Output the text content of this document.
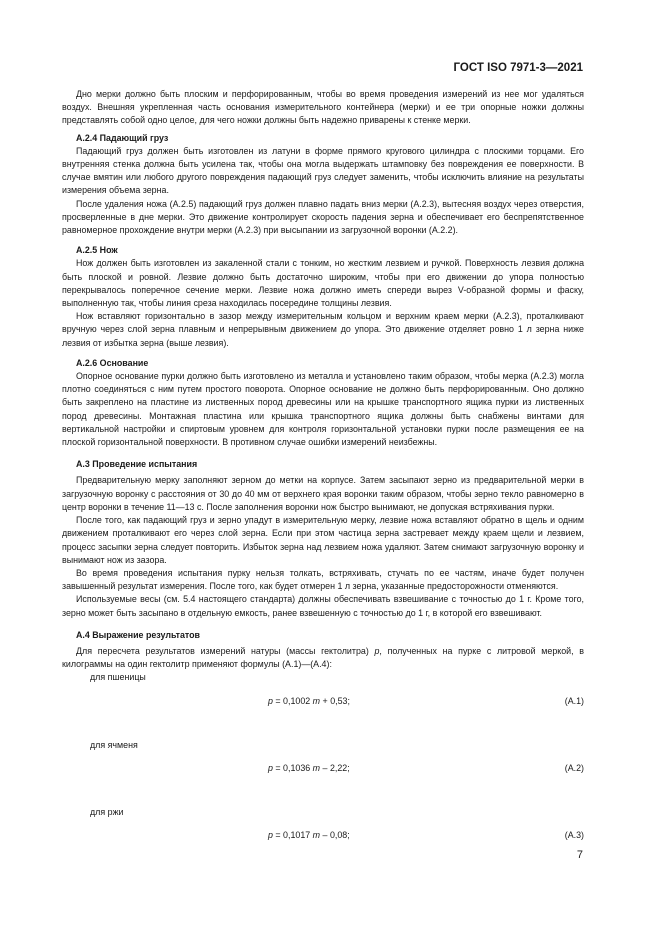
ГОСТ ISO 7971-3—2021

Дно мерки должно быть плоским и перфорированным, чтобы во время проведения измерений из нее мог удаляться воздух. Внешняя укрепленная часть основания измерительного контейнера (мерки) и ее три опорные ножки должны представлять собой одно целое, для чего ножки должны быть надежно приварены к стенке мерки.

А.2.4 Падающий груз

Падающий груз должен быть изготовлен из латуни в форме прямого кругового цилиндра с плоскими торцами. Его внутренняя стенка должна быть усилена так, чтобы она могла выдержать штамповку без повреждения ее поверхности. В случае вмятин или любого другого повреждения падающий груз следует заменить, чтобы исключить влияние на результаты измерения объема зерна.

После удаления ножа (А.2.5) падающий груз должен плавно падать вниз мерки (А.2.3), вытесняя воздух через отверстия, просверленные в дне мерки. Это движение контролирует скорость падения зерна и обеспечивает его беспрепятственное равномерное прохождение внутри мерки (А.2.3) при высыпании из загрузочной воронки (А.2.2).

А.2.5 Нож

Нож должен быть изготовлен из закаленной стали с тонким, но жестким лезвием и ручкой. Поверхность лезвия должна быть плоской и ровной. Лезвие должно быть достаточно широким, чтобы при его движении до упора полностью перекрывалось поперечное сечение мерки. Лезвие ножа должно иметь спереди вырез V-образной формы и фаску, выполненную так, чтобы линия среза находилась посередине толщины лезвия.

Нож вставляют горизонтально в зазор между измерительным кольцом и верхним краем мерки (А.2.3), проталкивают вручную через слой зерна плавным и непрерывным движением до упора. Это движение отделяет ровно 1 л зерна ниже лезвия от избытка зерна (выше лезвия).

А.2.6 Основание

Опорное основание пурки должно быть изготовлено из металла и установлено таким образом, чтобы мерка (А.2.3) могла плотно соединяться с ним путем простого поворота. Опорное основание не должно быть перфорированным. Оно должно быть закреплено на пластине из лиственных пород древесины или на крышке транспортного ящика пурки из лиственных пород древесины. Монтажная пластина или крышка транспортного ящика должны быть снабжены винтами для вертикальной настройки и спиртовым уровнем для контроля горизонтальной установки пурки после размещения ее на плоской горизонтальной поверхности. В противном случае ошибки измерений неизбежны.

А.3 Проведение испытания

Предварительную мерку заполняют зерном до метки на корпусе. Затем засыпают зерно из предварительной мерки в загрузочную воронку с расстояния от 30 до 40 мм от верхнего края воронки таким образом, чтобы зерно текло равномерно в центр воронки в течение 11—13 с. После заполнения воронки нож быстро вынимают, не допуская встряхивания пурки.

После того, как падающий груз и зерно упадут в измерительную мерку, лезвие ножа вставляют обратно в щель и одним движением проталкивают его через слой зерна. Если при этом частица зерна застревает между краем щели и лезвием, процесс засыпки зерна следует повторить. Избыток зерна над лезвием ножа удаляют. Затем снимают загрузочную воронку и вынимают нож из зазора.

Во время проведения испытания пурку нельзя толкать, встряхивать, стучать по ее частям, иначе будет получен завышенный результат измерения. После того, как будет отмерен 1 л зерна, указанные предосторожности отменяются.

Используемые весы (см. 5.4 настоящего стандарта) должны обеспечивать взвешивание с точностью до 1 г. Кроме того, зерно может быть засыпано в отдельную емкость, ранее взвешенную с точностью до 1 г, в которой его взвешивают.

А.4 Выражение результатов

Для пересчета результатов измерений натуры (массы гектолитра) p, полученных на пурке с литровой меркой, в килограммы на один гектолитр применяют формулы (А.1)—(А.4):

для пшеницы

p = 0,1002 m + 0,53;	( A.1 )

для ячменя

p = 0,1036 m – 2,22;	( A.2 )

для ржи

p = 0,1017 m – 0,08;	( A.3 )
7
